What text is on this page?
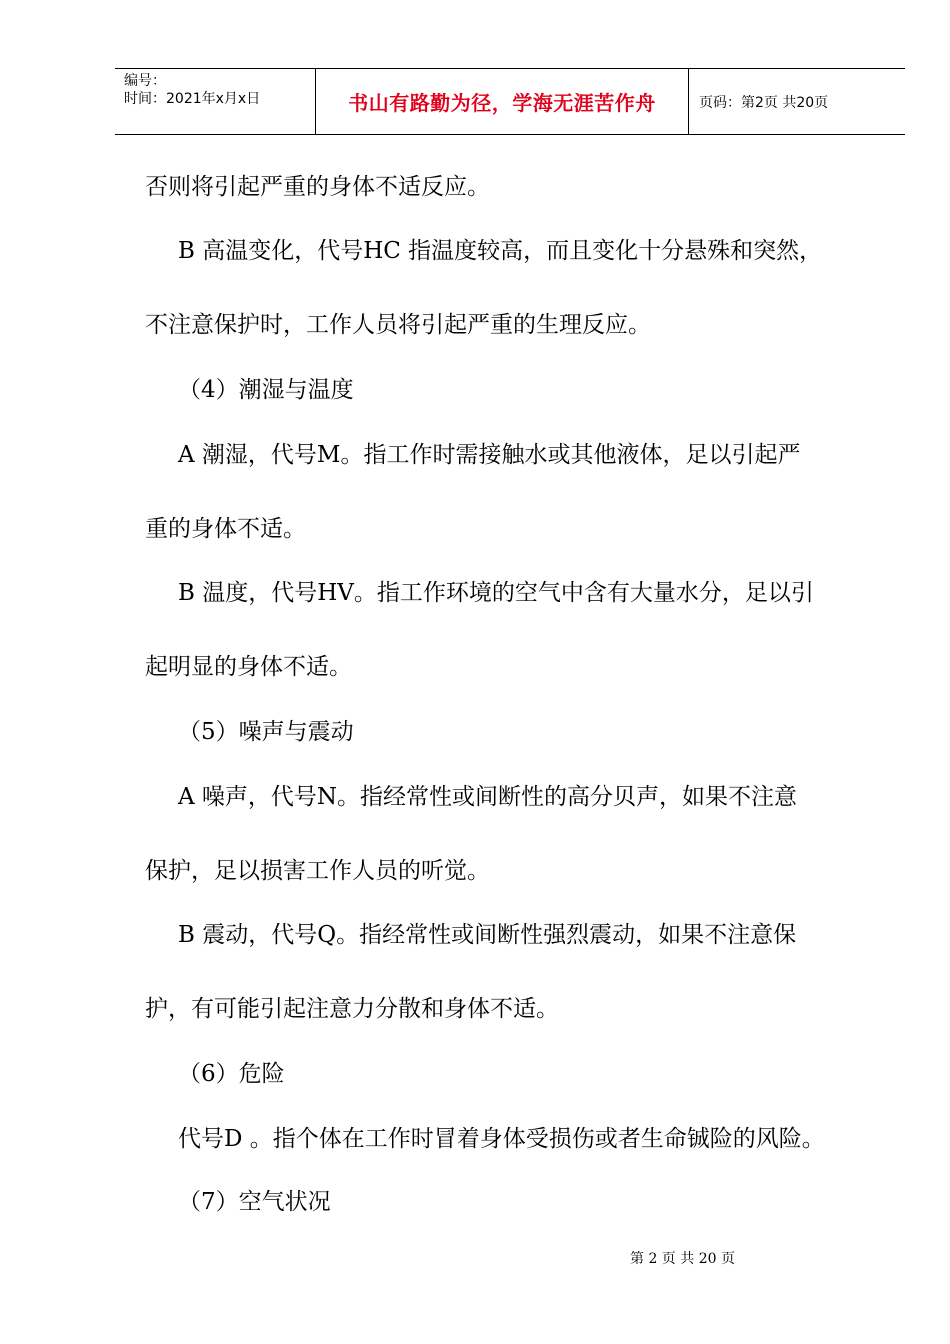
编号：
时间：2021年x月x日	书山有路勤为径，学海无涯苦作舟	页码：第2页 共20页
否则将引起严重的身体不适反应。
B 高温变化，代号HC 指温度较高，而且变化十分悬殊和突然，
不注意保护时，工作人员将引起严重的生理反应。
（4）潮湿与温度
A 潮湿，代号M。指工作时需接触水或其他液体，足以引起严
重的身体不适。
B 温度，代号HV。指工作环境的空气中含有大量水分，足以引
起明显的身体不适。
（5）噪声与震动
A 噪声，代号N。指经常性或间断性的高分贝声，如果不注意
保护，足以损害工作人员的听觉。
B 震动，代号Q。指经常性或间断性强烈震动，如果不注意保
护，有可能引起注意力分散和身体不适。
（6）危险
代号D 。指个体在工作时冒着身体受损伤或者生命铖险的风险。
（7）空气状况
第 2 页 共 20 页
